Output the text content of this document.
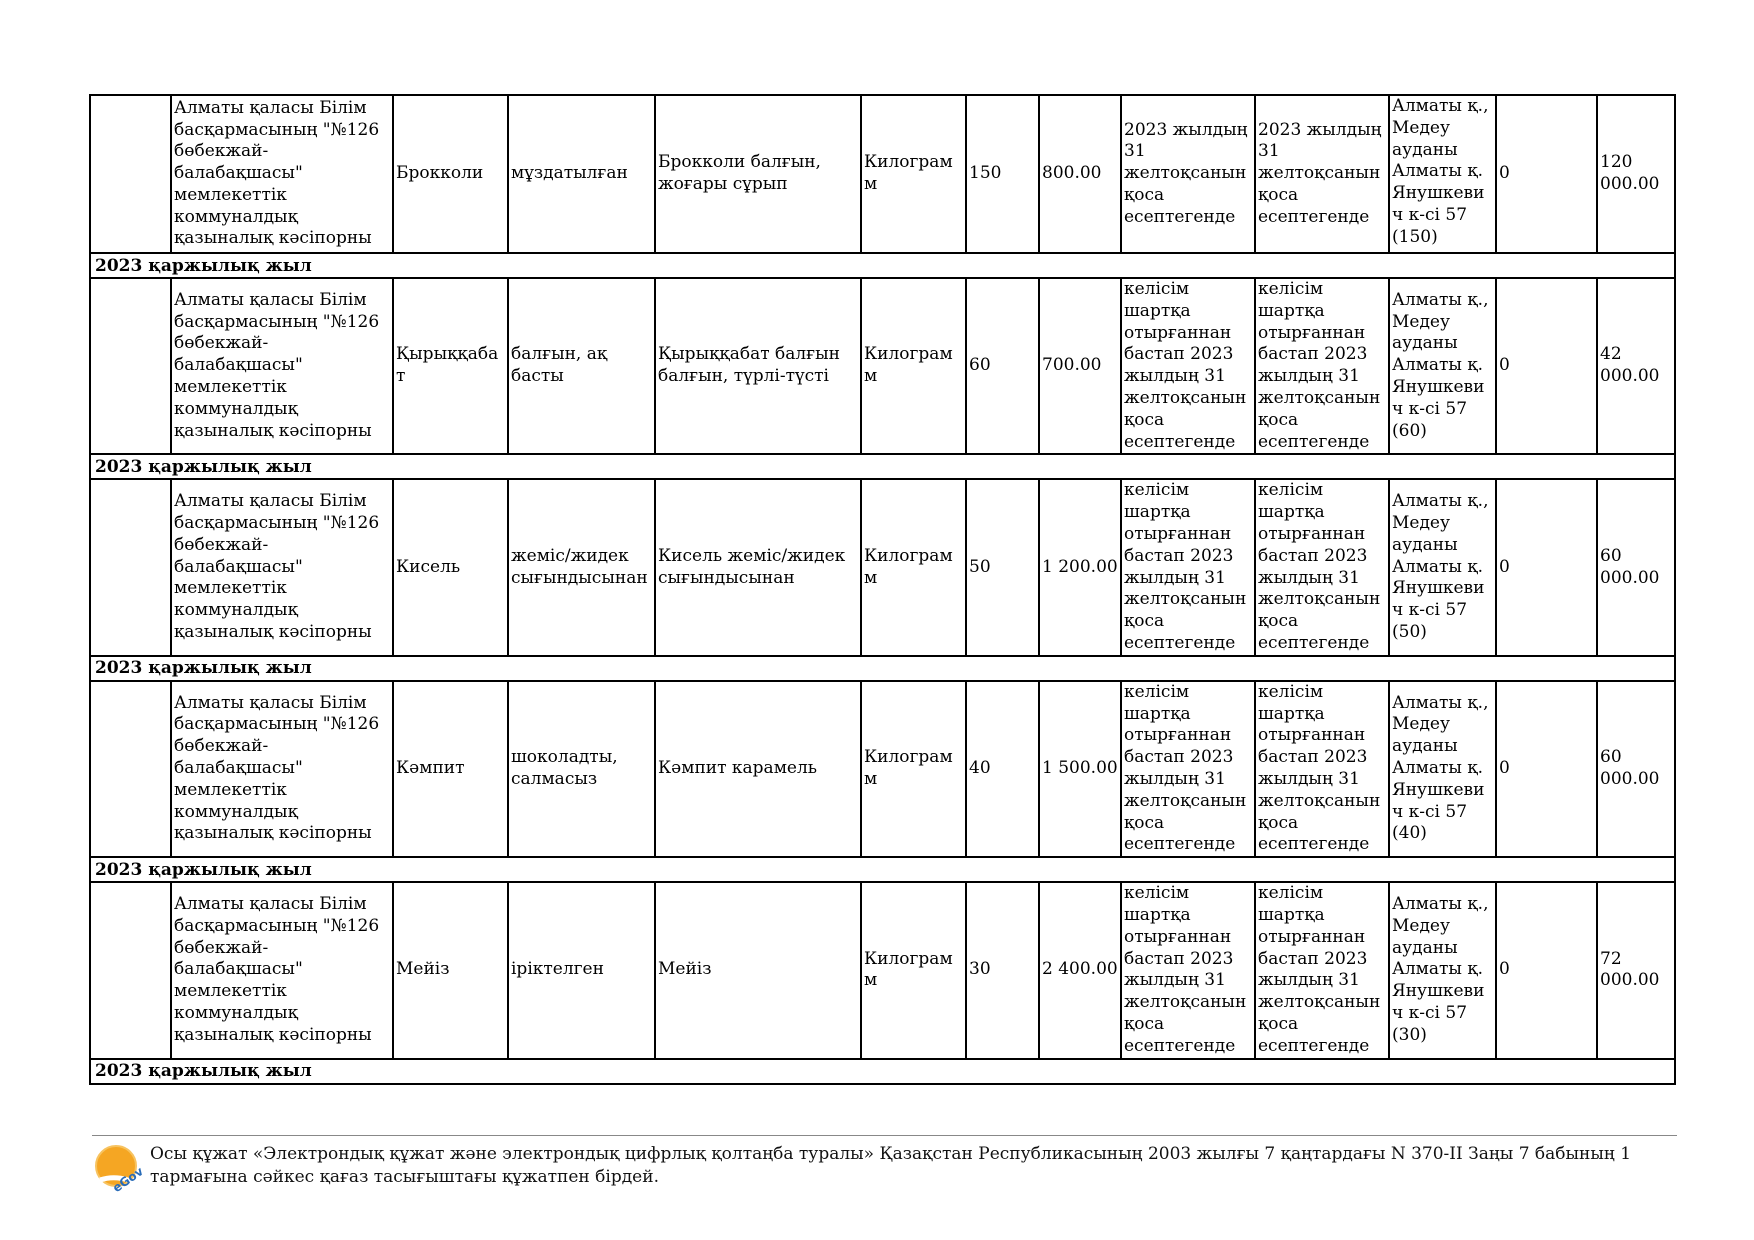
	Алматы қаласы Білім басқармасының "№126 бөбекжай-балабақшасы" мемлекеттік коммуналдық қазыналық кәсіпорны	Брокколи	мұздатылған	Брокколи балғын, жоғары сұрып	Килограмм	150	800.00	2023 жылдың 31 желтоқсанын қоса есептегенде	2023 жылдың 31 желтоқсанын қоса есептегенде	Алматы қ., Медеу ауданы Алматы қ. Янушкевич к-сі 57 (150)	0	120 000.00
2023 қаржылық жыл												
	Алматы қаласы Білім басқармасының "№126 бөбекжай-балабақшасы" мемлекеттік коммуналдық қазыналық кәсіпорны	Қырыққабат	балғын, ақ басты	Қырыққабат балғын балғын, түрлі-түсті	Килограмм	60	700.00	келісім шартқа отырғаннан бастап 2023 жылдың 31 желтоқсанын қоса есептегенде	келісім шартқа отырғаннан бастап 2023 жылдың 31 желтоқсанын қоса есептегенде	Алматы қ., Медеу ауданы Алматы қ. Янушкевич к-сі 57 (60)	0	42 000.00
2023 қаржылық жыл												
	Алматы қаласы Білім басқармасының "№126 бөбекжай-балабақшасы" мемлекеттік коммуналдық қазыналық кәсіпорны	Кисель	жеміс/жидек сығындысынан	Кисель жеміс/жидек сығындысынан	Килограмм	50	1 200.00	келісім шартқа отырғаннан бастап 2023 жылдың 31 желтоқсанын қоса есептегенде	келісім шартқа отырғаннан бастап 2023 жылдың 31 желтоқсанын қоса есептегенде	Алматы қ., Медеу ауданы Алматы қ. Янушкевич к-сі 57 (50)	0	60 000.00
2023 қаржылық жыл												
	Алматы қаласы Білім басқармасының "№126 бөбекжай-балабақшасы" мемлекеттік коммуналдық қазыналық кәсіпорны	Кәмпит	шоколадты, салмасыз	Кәмпит карамель	Килограмм	40	1 500.00	келісім шартқа отырғаннан бастап 2023 жылдың 31 желтоқсанын қоса есептегенде	келісім шартқа отырғаннан бастап 2023 жылдың 31 желтоқсанын қоса есептегенде	Алматы қ., Медеу ауданы Алматы қ. Янушкевич к-сі 57 (40)	0	60 000.00
2023 қаржылық жыл												
	Алматы қаласы Білім басқармасының "№126 бөбекжай-балабақшасы" мемлекеттік коммуналдық қазыналық кәсіпорны	Мейіз	іріктелген	Мейіз	Килограмм	30	2 400.00	келісім шартқа отырғаннан бастап 2023 жылдың 31 желтоқсанын қоса есептегенде	келісім шартқа отырғаннан бастап 2023 жылдың 31 желтоқсанын қоса есептегенде	Алматы қ., Медеу ауданы Алматы қ. Янушкевич к-сі 57 (30)	0	72 000.00
2023 қаржылық жыл												
eGov
Осы құжат «Электрондық құжат және электрондық цифрлық қолтаңба туралы» Қазақстан Республикасының 2003 жылғы 7 қаңтардағы N 370-II Заңы 7 бабының 1 тармағына сәйкес қағаз тасығыштағы құжатпен бірдей.
